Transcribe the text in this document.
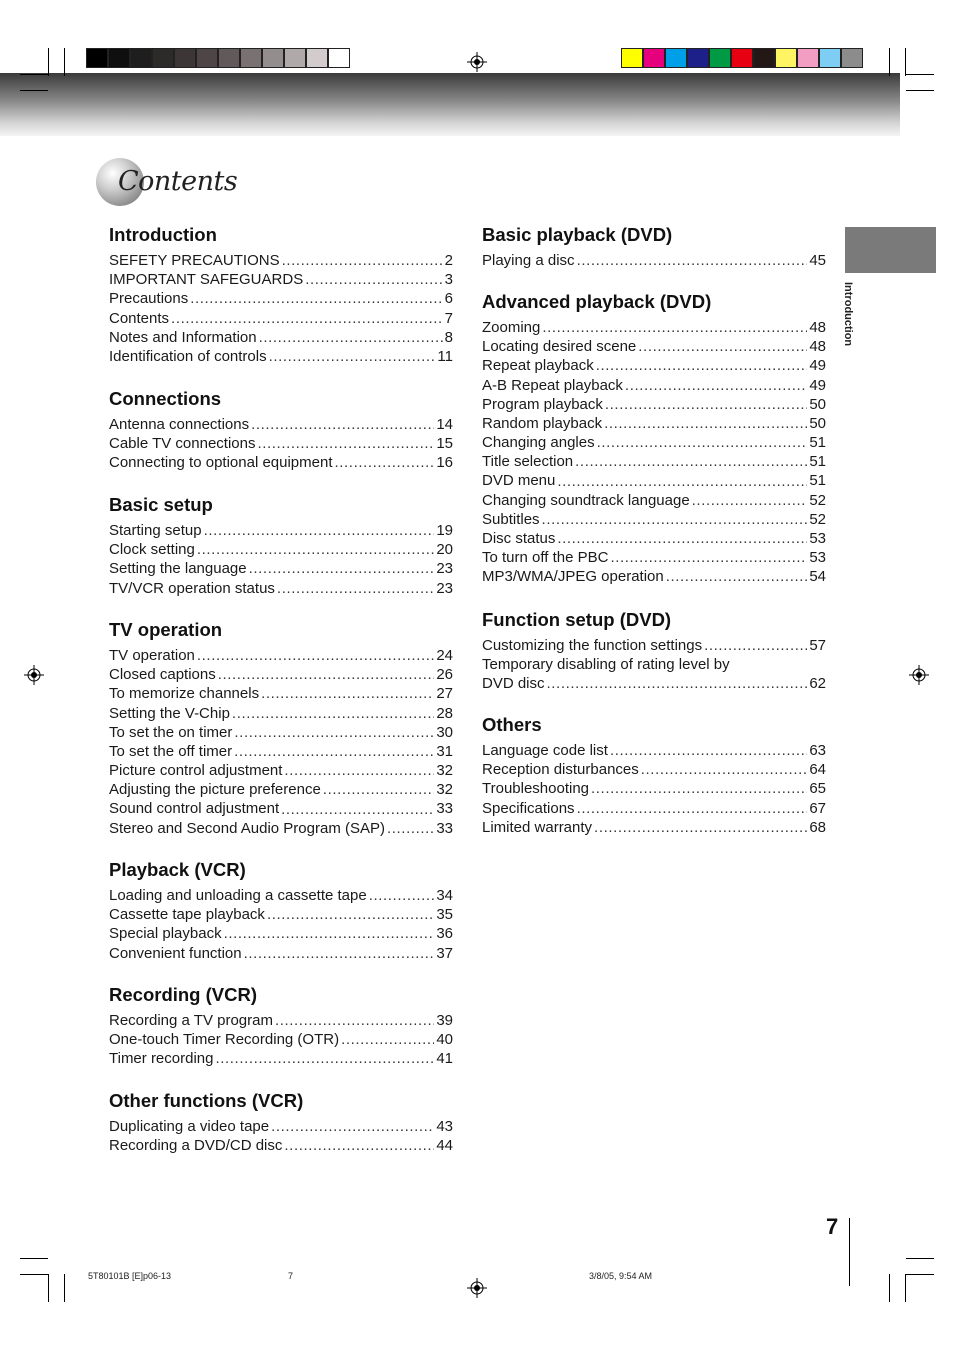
Contents
Introduction
SEFETY PRECAUTIONS .....	2
IMPORTANT SAFEGUARDS .....	3
Precautions .....	6
Contents .....	7
Notes and Information .....	8
Identification of controls .....	11
Connections
Antenna connections .....	14
Cable TV connections .....	15
Connecting to optional equipment .....	16
Basic setup
Starting setup .....	19
Clock setting .....	20
Setting the language .....	23
TV/VCR operation status .....	23
TV operation
TV operation .....	24
Closed captions .....	26
To memorize channels .....	27
Setting the V-Chip .....	28
To set the on timer .....	30
To set the off timer .....	31
Picture control adjustment .....	32
Adjusting the picture preference .....	32
Sound control adjustment .....	33
Stereo and Second Audio Program (SAP) .....	33
Playback (VCR)
Loading and unloading a cassette tape .....	34
Cassette tape playback .....	35
Special playback .....	36
Convenient function .....	37
Recording (VCR)
Recording a TV program .....	39
One-touch Timer Recording (OTR) .....	40
Timer recording .....	41
Other functions (VCR)
Duplicating a video tape .....	43
Recording a DVD/CD disc .....	44
Basic playback (DVD)
Playing a disc .....	45
Advanced playback (DVD)
Zooming .....	48
Locating desired scene .....	48
Repeat playback .....	49
A-B Repeat playback .....	49
Program playback .....	50
Random playback .....	50
Changing angles .....	51
Title selection .....	51
DVD menu .....	51
Changing soundtrack language .....	52
Subtitles .....	52
Disc status .....	53
To turn off the PBC .....	53
MP3/WMA/JPEG operation .....	54
Function setup (DVD)
Customizing the function settings .....	57
Temporary disabling of rating level by
DVD disc .....	62
Others
Language code list .....	63
Reception disturbances .....	64
Troubleshooting .....	65
Specifications .....	67
Limited warranty .....	68
Introduction
7
5T80101B [E]p06-13	7	3/8/05, 9:54 AM
